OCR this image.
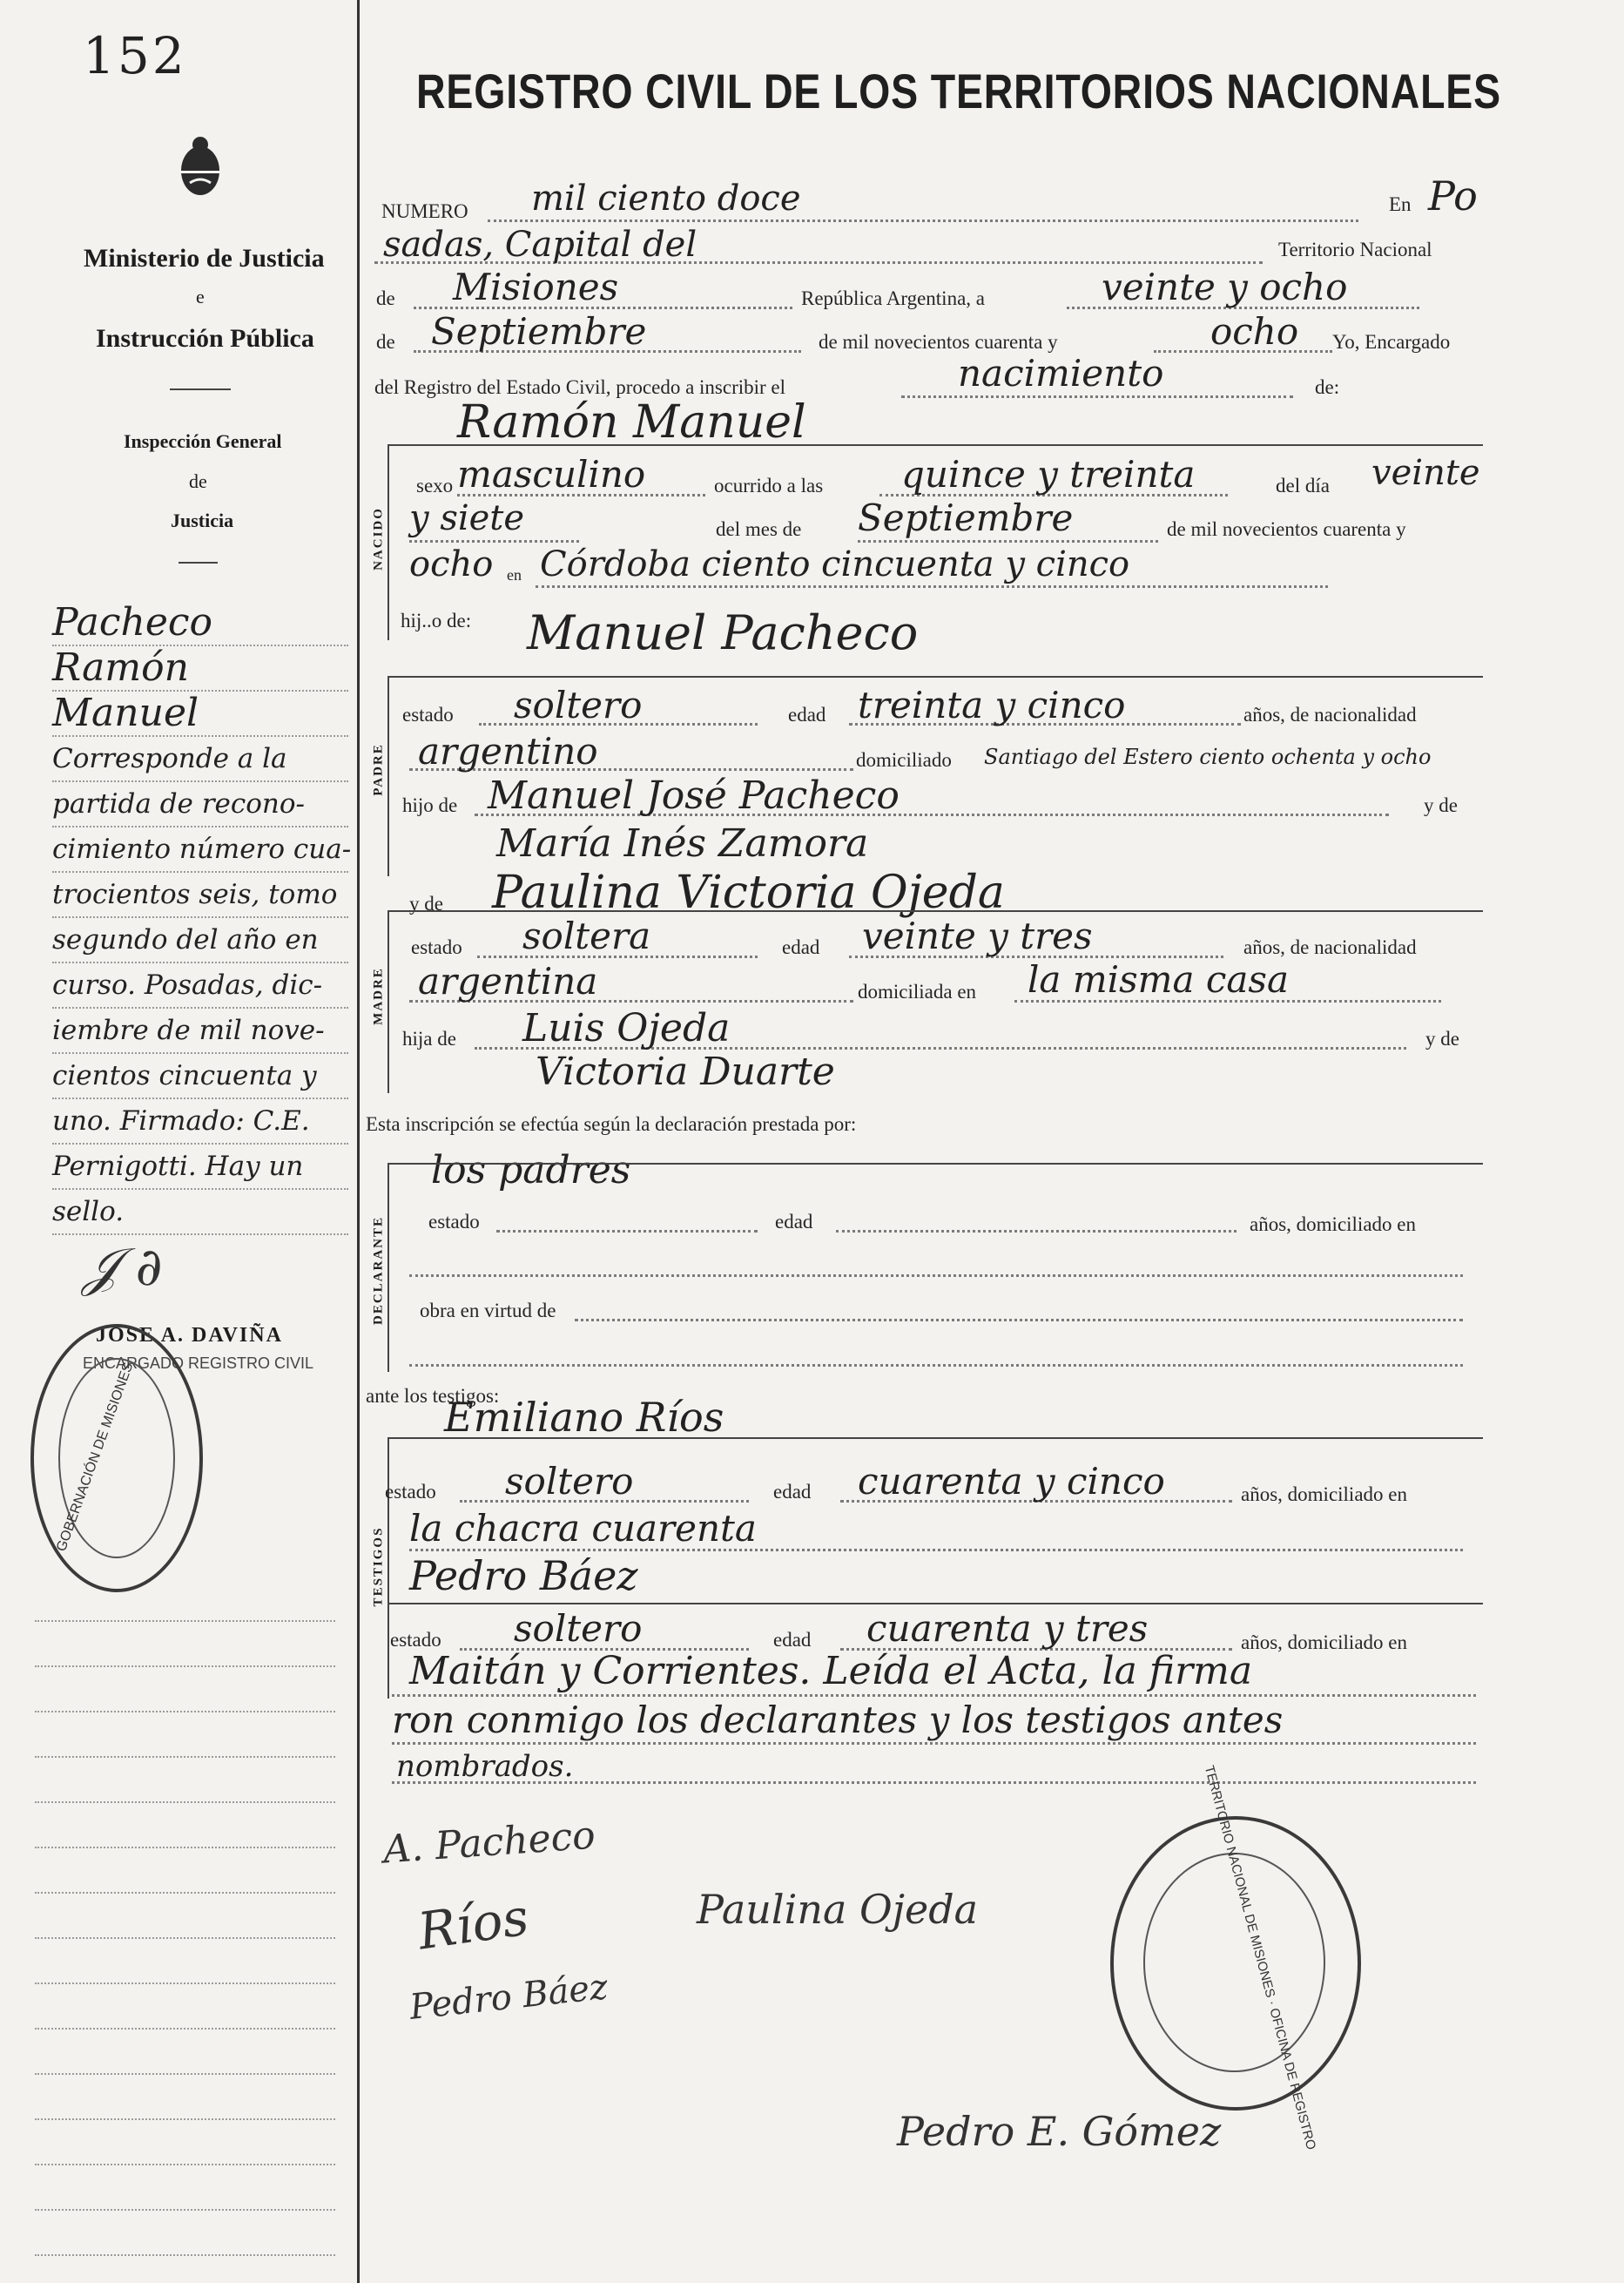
152
Ministerio de Justicia
e
Instrucción Pública
Inspección General
de
Justicia
Pacheco
Ramón
Manuel
Corresponde a la
partida de recono-
cimiento número cua-
trocientos seis, tomo
segundo del año en
curso. Posadas, dic-
iembre de mil nove-
cientos cincuenta y
uno. Firmado: C.E.
Pernigotti. Hay un
sello.
𝒥 ∂
JOSE A. DAVIÑA
ENCARGADO REGISTRO CIVIL
GOBERNACIÓN DE MISIONES
REGISTRO CIVIL DE LOS TERRITORIOS NACIONALES
NUMERO mil ciento doce	En Po
sadas, Capital del	Territorio Nacional
de Misiones	República Argentina, a	veinte y ocho
de Septiembre	de mil novecientos cuarenta y	ocho Yo, Encargado
del Registro del Estado Civil, procedo a inscribir el	nacimiento	de:
Ramón Manuel
NACIDO
sexo masculino	ocurrido a las quince y treinta	del día veinte
y siete	del mes de Septiembre	de mil novecientos cuarenta y
ocho en Córdoba ciento cincuenta y cinco
hij..o de: Manuel Pacheco
PADRE
estado soltero	edad treinta y cinco	años, de nacionalidad
argentino	domiciliado Santiago del Estero ciento ochenta y ocho
hijo de Manuel José Pacheco	y de
María Inés Zamora
y de Paulina Victoria Ojeda
MADRE
estado soltera	edad veinte y tres	años, de nacionalidad
argentina	domiciliada en la misma casa
hija de Luis Ojeda	y de
Victoria Duarte
Esta inscripción se efectúa según la declaración prestada por:
los padres
DECLARANTE estado	edad	años, domiciliado en
obra en virtud de
ante los testigos:
Emiliano Ríos
TESTIGOS
estado soltero	edad cuarenta y cinco	años, domiciliado en
la chacra cuarenta
Pedro Báez
estado soltero	edad cuarenta y tres	años, domiciliado en
Maitán y Corrientes. Leída el Acta, la firma
ron conmigo los declarantes y los testigos antes
nombrados.
A. Pacheco
Ríos
Pedro Báez
Paulina Ojeda
Pedro E. Gómez
TERRITORIO NACIONAL DE MISIONES · OFICINA DE REGISTRO
